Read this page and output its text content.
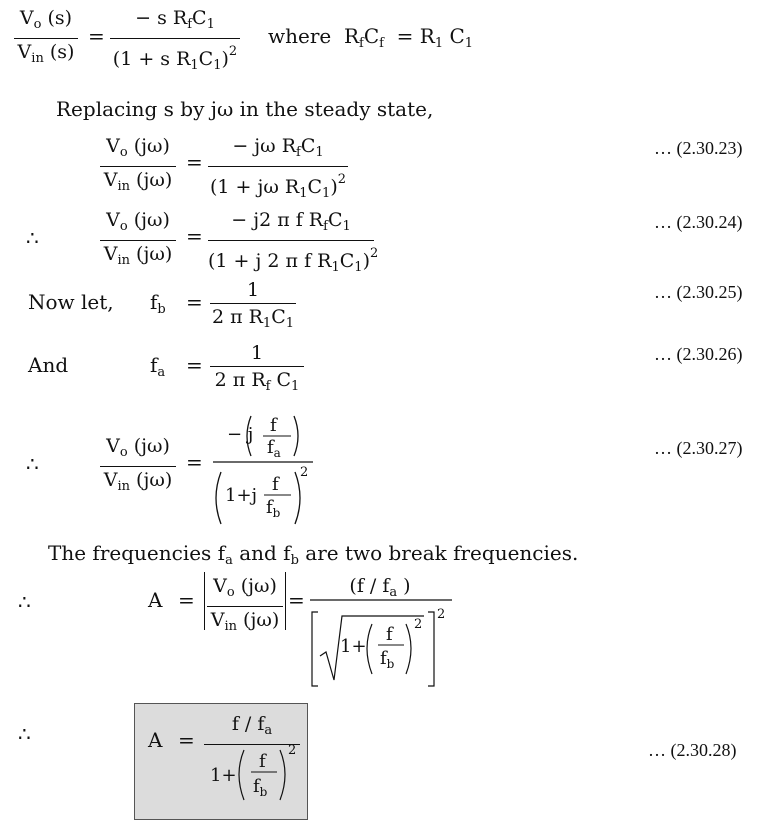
$V_o$ (s)
$V_{in}$ (s)
=
− s $R_fC_1$
(1 + s $R_1C_1)^2$
where  $R_fC_f = R_1$ $C_1$
Replacing s by jω in the steady state,
$V_o$ (jω)
$V_{in}$ (jω)
=
− jω $R_fC_1$
(1 + jω $R_1C_1)^2$
… (2.30.23)
∴
$V_o$ (jω)
$V_{in}$ (jω)
=
− j2 π f $R_fC_1$
(1 + j 2 π f $R_1C_1)^2$
… (2.30.24)
Now let, $f_b$ =	1
2 π $R_1C_1$
… (2.30.25)
And	$f_a$ =	1
2 π $R_f$ $C_1$
… (2.30.26)
∴
$V_o$ (jω)
$V_{in}$ (jω)
=
− j f
$f_a$
1+j
f
$f_b$
2
… (2.30.27)
The frequencies $f_a$ and $f_b$ are two break frequencies.
∴	A =
$V_o$ (jω)
$V_{in}$ (jω)
=
($f / f_a$ )
2
1+
f
$f_b$
2
∴	A =
f / $f_a$
1+
f
$f_b$
2	… (2.30.28)
